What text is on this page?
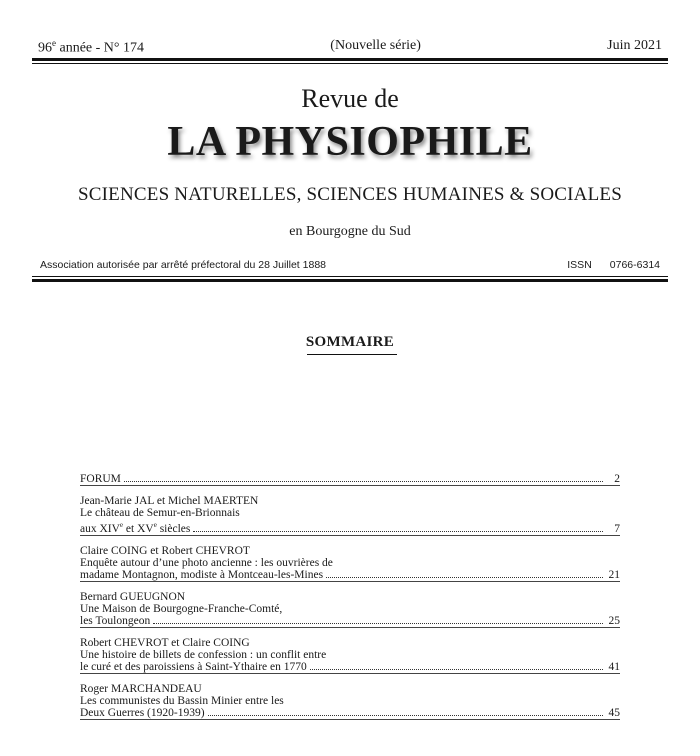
96e année - N° 174	(Nouvelle série)	Juin 2021
Revue de
LA PHYSIOPHILE
SCIENCES NATURELLES, SCIENCES HUMAINES & SOCIALES
en Bourgogne du Sud
Association autorisée par arrêté préfectoral du 28 Juillet 1888	ISSN 0766-6314
SOMMAIRE
FORUM	2
Jean-Marie JAL et Michel MAERTEN
Le château de Semur-en-Brionnais
aux XIVe et XVe siècles	7
Claire COING et Robert CHEVROT
Enquête autour d’une photo ancienne : les ouvrières de
madame Montagnon, modiste à Montceau-les-Mines	21
Bernard GUEUGNON
Une Maison de Bourgogne-Franche-Comté,
les Toulongeon	25
Robert CHEVROT et Claire COING
Une histoire de billets de confession : un conflit entre
le curé et des paroissiens à Saint-Ythaire en 1770	41
Roger MARCHANDEAU
Les communistes du Bassin Minier entre les
Deux Guerres (1920-1939)	45
